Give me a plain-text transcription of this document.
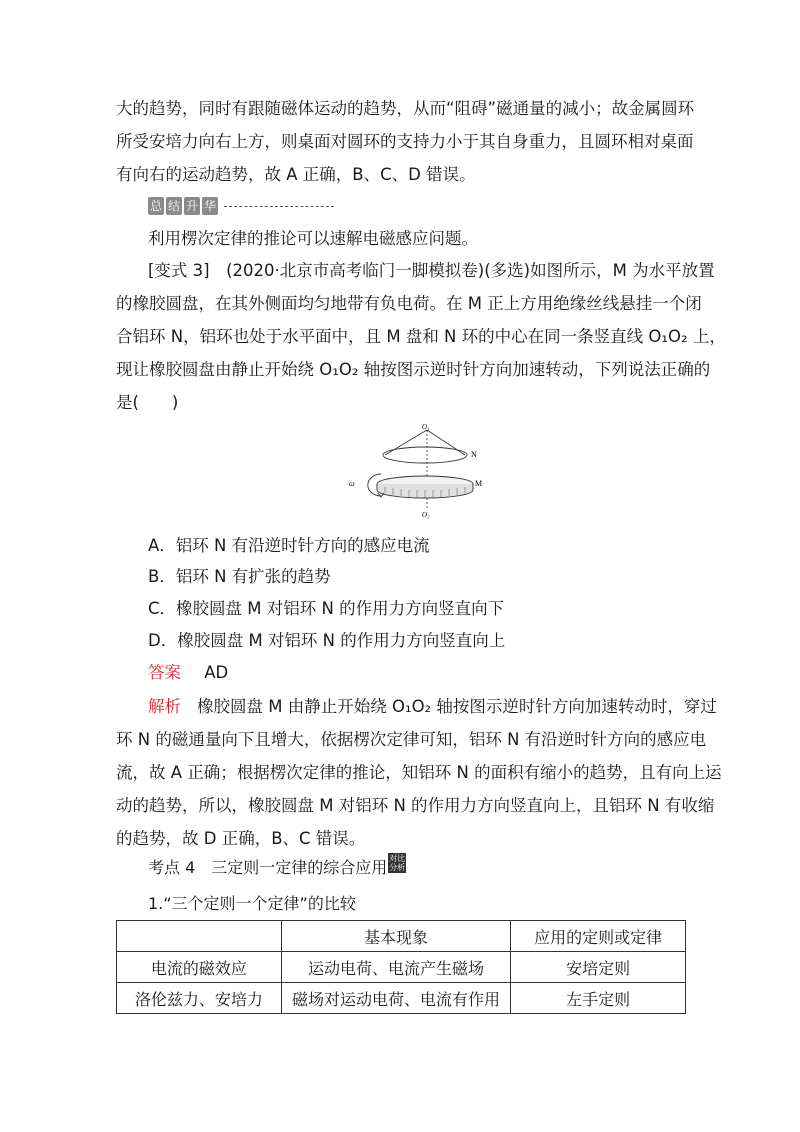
大的趋势，同时有跟随磁体运动的趋势，从而“阻碍”磁通量的减小；故金属圆环
所受安培力向右上方，则桌面对圆环的支持力小于其自身重力，且圆环相对桌面
有向右的运动趋势，故 A 正确，B、C、D 错误。
总 结 升 华
利用楞次定律的推论可以速解电磁感应问题。
[变式 3]　(2020·北京市高考临门一脚模拟卷)(多选)如图所示，M 为水平放置
的橡胶圆盘，在其外侧面均匀地带有负电荷。在 M 正上方用绝缘丝线悬挂一个闭
合铝环 N，铝环也处于水平面中，且 M 盘和 N 环的中心在同一条竖直线 O₁O₂ 上，
现让橡胶圆盘由静止开始绕 O₁O₂ 轴按图示逆时针方向加速转动，下列说法正确的
是(　　)
O₁
O₂
N
M
ω
A．铝环 N 有沿逆时针方向的感应电流
B．铝环 N 有扩张的趋势
C．橡胶圆盘 M 对铝环 N 的作用力方向竖直向下
D．橡胶圆盘 M 对铝环 N 的作用力方向竖直向上
答案 AD
解析 橡胶圆盘 M 由静止开始绕 O₁O₂ 轴按图示逆时针方向加速转动时，穿过
环 N 的磁通量向下且增大，依据楞次定律可知，铝环 N 有沿逆时针方向的感应电
流，故 A 正确；根据楞次定律的推论，知铝环 N 的面积有缩小的趋势，且有向上运
动的趋势，所以，橡胶圆盘 M 对铝环 N 的作用力方向竖直向上，且铝环 N 有收缩
的趋势，故 D 正确，B、C 错误。
考点 4　三定则一定律的综合应用 对比
分析
1.“三个定则一个定律”的比较
	基本现象	应用的定则或定律
电流的磁效应	运动电荷、电流产生磁场	安培定则
洛伦兹力、安培力	磁场对运动电荷、电流有作用	左手定则
